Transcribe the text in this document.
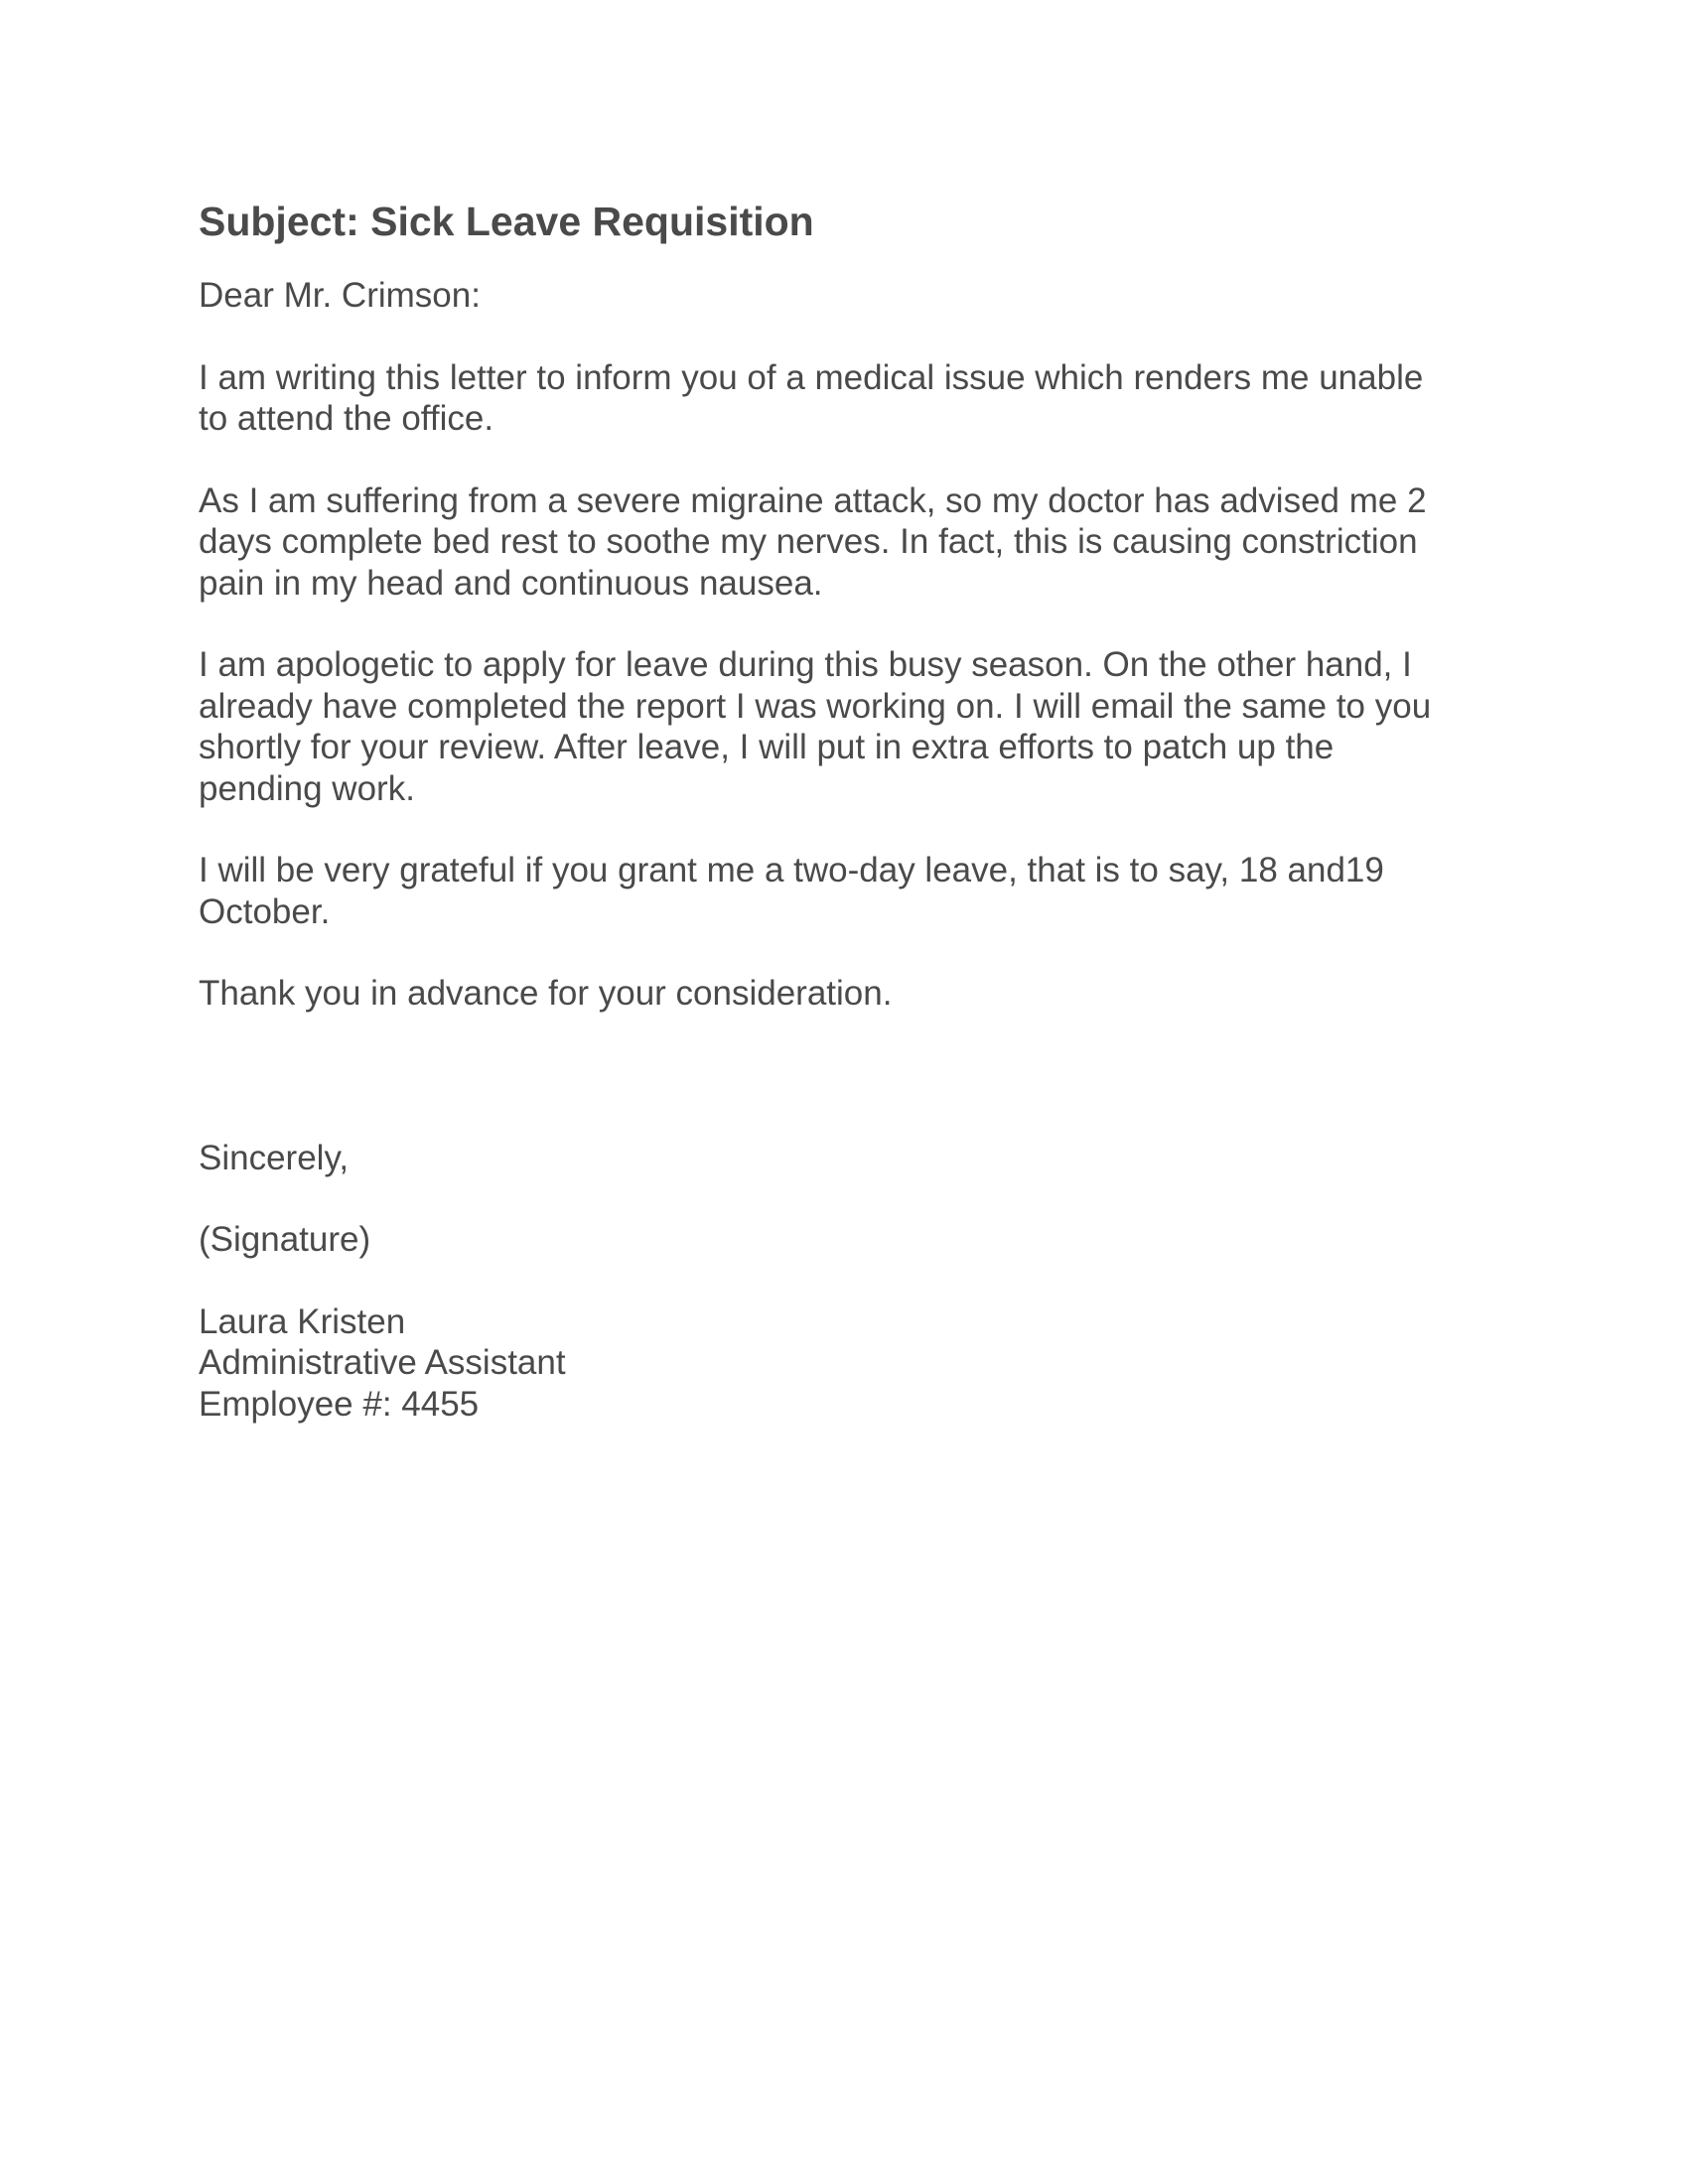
Subject: Sick Leave Requisition
Dear Mr. Crimson:
I am writing this letter to inform you of a medical issue which renders me unable
to attend the office.
As I am suffering from a severe migraine attack, so my doctor has advised me 2
days complete bed rest to soothe my nerves. In fact, this is causing constriction
pain in my head and continuous nausea.
I am apologetic to apply for leave during this busy season. On the other hand, I
already have completed the report I was working on. I will email the same to you
shortly for your review. After leave, I will put in extra efforts to patch up the
pending work.
I will be very grateful if you grant me a two-day leave, that is to say, 18 and19
October.
Thank you in advance for your consideration.
Sincerely,
(Signature)
Laura Kristen
Administrative Assistant
Employee #: 4455
